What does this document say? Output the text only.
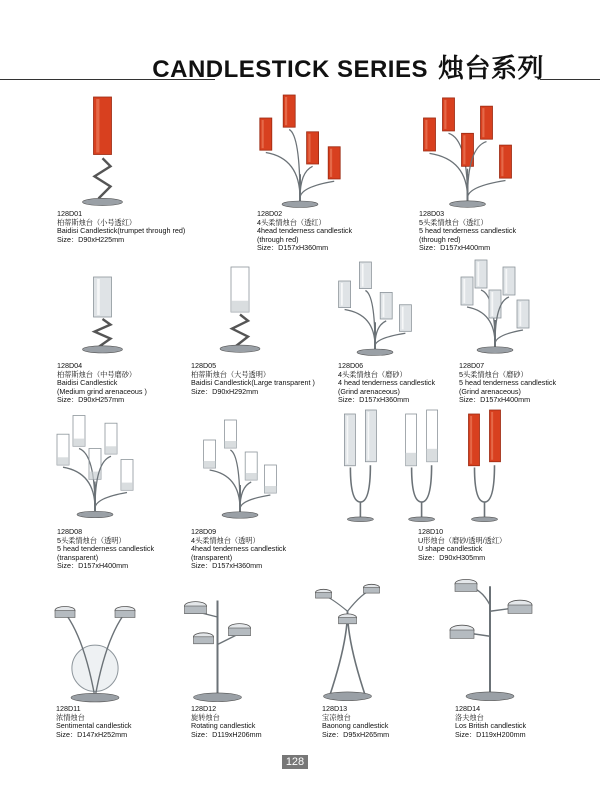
CANDLESTICK SERIES 烛台系列
128D01
柏蒂斯烛台（小号透红）
Baidisi Candlestick(trumpet through red)
Size：D90xH225mm
128D02
4头柔情烛台（透红）
4head tenderness candlestick
(through red)
Size：D157xH360mm
128D03
5头柔情烛台（透红）
5 head tenderness candlestick
(through red)
Size：D157xH400mm
128D04
柏蒂斯烛台（中号磨砂）
Baidisi Candlestick
(Medium grind arenaceous )
Size：D90xH257mm
128D05
柏蒂斯烛台（大号透明）
Baidisi Candlestick(Large transparent )
Size：D90xH292mm
128D06
4头柔情烛台（磨砂）
4 head tenderness candlestick
(Grind arenaceous)
Size：D157xH360mm
128D07
5头柔情烛台（磨砂）
5 head tenderness candlestick
(Grind arenaceous)
Size：D157xH400mm
128D08
5头柔情烛台（透明）
5 head tenderness candlestick
(transparent)
Size：D157xH400mm
128D09
4头柔情烛台（透明）
4head tenderness candlestick
(transparent)
Size：D157xH360mm
128D10
U形烛台（磨砂/透明/透红）
U shape candlestick
Size：D90xH305mm
128D11
浓情烛台
Sentimental candlestick
Size：D147xH252mm
128D12
旋转烛台
Rotating candlestick
Size：D119xH206mm
128D13
宝凉烛台
Baonong candlestick
Size：D95xH265mm
128D14
洛夫烛台
Los British candlestick
Size：D119xH200mm
128
